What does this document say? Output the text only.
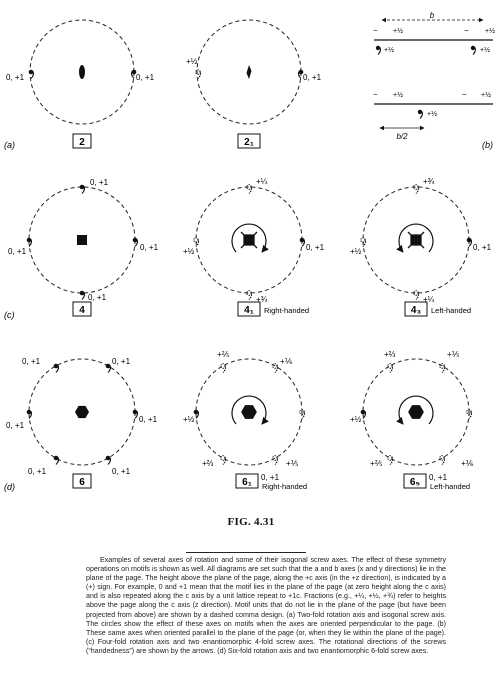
0, +1	0, +1
2
(a)
+½
0, +1
2₁
b
− +½	− +½
+½	+½
− +½	− +½
+½
b/2
(b)
0, +1
0, +1
0, +1
0, +1
4
(c)
+¼
0, +1
+¾
+½
4₁ Right-handed
+¾
0, +1
+¼
+½
4₃ Left-handed
0, +1	0, +1
0, +1
0, +1
0, +1
0, +1
6
(d)
+⅖
+⅙
+⅕
+⅔
+½
0, +1
6₁ Right-handed
+⅔	+⅕
+⅙
+⅖
+½
0, +1
6₅ Left-handed
FIG. 4.31

Examples of several axes of rotation and some of their isogonal screw axes. The effect of these symmetry operations on motifs is shown as well. All diagrams are set such that the a and b axes (x and y directions) lie in the plane of the page. The height above the plane of the page, along the +c axis (in the +z direction), is indicated by a (+) sign. For example, 0 and +1 mean that the motif lies in the plane of the page (at zero height along the c axis) and is also repeated along the c axis by a unit lattice repeat to +1c. Fractions (e.g., +¼, +½, +¾) refer to heights above the page along the c axis (z direction). Motif units that do not lie in the plane of the page (but have been projected from above) are shown by a dashed comma design. (a) Two-fold rotation axis and isogonal screw axis. The circles show the effect of these axes on motifs when the axes are oriented perpendicular to the page. (b) These same axes when oriented parallel to the plane of the page (or, when they lie within the plane of the page). (c) Four-fold rotation axis and two enantiomorphic 4-fold screw axes. The rotational directions of the screws (“handedness”) are shown by the arrows. (d) Six-fold rotation axis and two enantiomorphic 6-fold screw axes.
